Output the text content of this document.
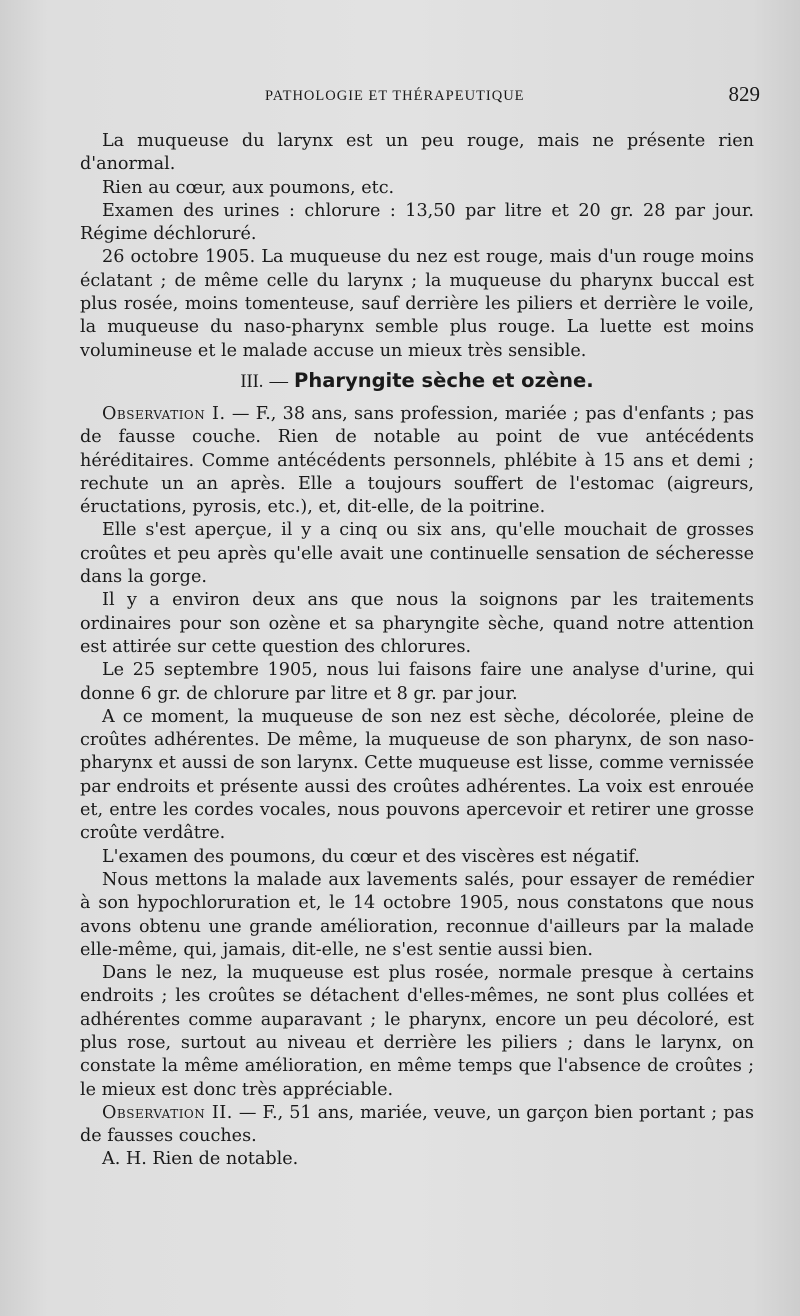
PATHOLOGIE ET THÉRAPEUTIQUE	829

La muqueuse du larynx est un peu rouge, mais ne présente rien d'anormal.

Rien au cœur, aux poumons, etc.

Examen des urines : chlorure : 13,50 par litre et 20 gr. 28 par jour. Régime déchloruré.

26 octobre 1905. La muqueuse du nez est rouge, mais d'un rouge moins éclatant ; de même celle du larynx ; la muqueuse du pharynx buccal est plus rosée, moins tomenteuse, sauf derrière les piliers et derrière le voile, la muqueuse du naso-pharynx semble plus rouge. La luette est moins volumineuse et le malade accuse un mieux très sensible.

III. — Pharyngite sèche et ozène.

Observation I. — F., 38 ans, sans profession, mariée ; pas d'enfants ; pas de fausse couche. Rien de notable au point de vue antécédents héréditaires. Comme antécédents personnels, phlébite à 15 ans et demi ; rechute un an après. Elle a toujours souffert de l'estomac (aigreurs, éructations, pyrosis, etc.), et, dit-elle, de la poitrine.

Elle s'est aperçue, il y a cinq ou six ans, qu'elle mouchait de grosses croûtes et peu après qu'elle avait une continuelle sensation de sécheresse dans la gorge.

Il y a environ deux ans que nous la soignons par les traitements ordinaires pour son ozène et sa pharyngite sèche, quand notre attention est attirée sur cette question des chlorures.

Le 25 septembre 1905, nous lui faisons faire une analyse d'urine, qui donne 6 gr. de chlorure par litre et 8 gr. par jour.

A ce moment, la muqueuse de son nez est sèche, décolorée, pleine de croûtes adhérentes. De même, la muqueuse de son pharynx, de son naso-pharynx et aussi de son larynx. Cette muqueuse est lisse, comme vernissée par endroits et présente aussi des croûtes adhérentes. La voix est enrouée et, entre les cordes vocales, nous pouvons apercevoir et retirer une grosse croûte verdâtre.

L'examen des poumons, du cœur et des viscères est négatif.

Nous mettons la malade aux lavements salés, pour essayer de remédier à son hypochloruration et, le 14 octobre 1905, nous constatons que nous avons obtenu une grande amélioration, reconnue d'ailleurs par la malade elle-même, qui, jamais, dit-elle, ne s'est sentie aussi bien.

Dans le nez, la muqueuse est plus rosée, normale presque à certains endroits ; les croûtes se détachent d'elles-mêmes, ne sont plus collées et adhérentes comme auparavant ; le pharynx, encore un peu décoloré, est plus rose, surtout au niveau et derrière les piliers ; dans le larynx, on constate la même amélioration, en même temps que l'absence de croûtes ; le mieux est donc très appréciable.

Observation II. — F., 51 ans, mariée, veuve, un garçon bien portant ; pas de fausses couches.

A. H. Rien de notable.
